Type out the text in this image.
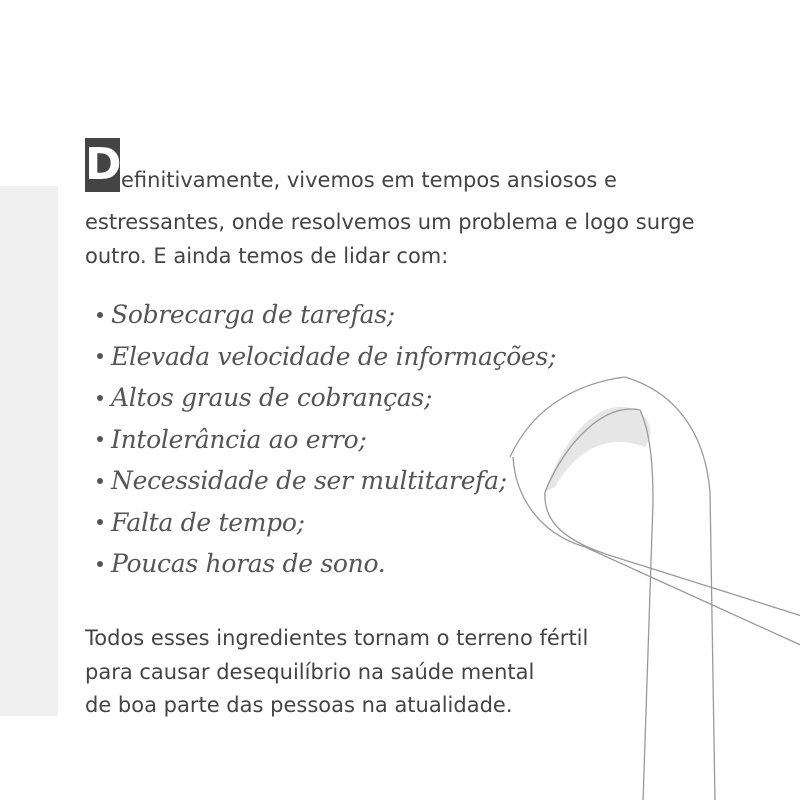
Definitivamente, vivemos em tempos ansiosos e estressantes, onde resolvemos um problema e logo surge outro. E ainda temos de lidar com:

Sobrecarga de tarefas;
Elevada velocidade de informações;
Altos graus de cobranças;
Intolerância ao erro;
Necessidade de ser multitarefa;
Falta de tempo;
Poucas horas de sono.

Todos esses ingredientes tornam o terreno fértil
para causar desequilíbrio na saúde mental
de boa parte das pessoas na atualidade.
